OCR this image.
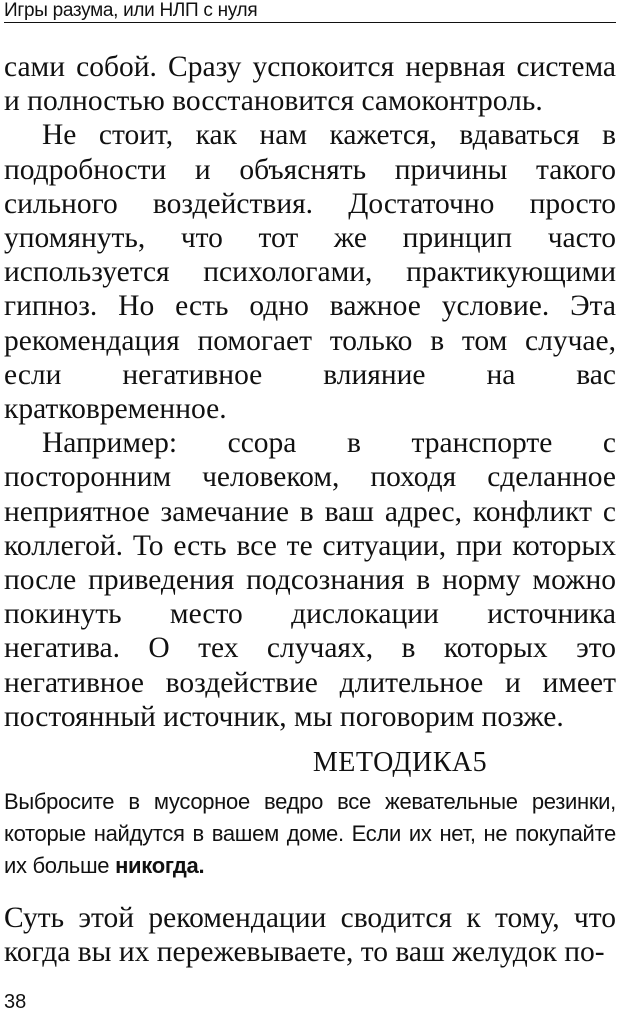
Игры разума, или НЛП с нуля

сами собой. Сразу успокоится нервная система и полностью восстановится самоконтроль.

Не стоит, как нам кажется, вдаваться в подробности и объяснять причины такого сильного воздействия. Достаточно просто упомянуть, что тот же принцип часто используется психологами, практикующими гипноз. Но есть одно важное условие. Эта рекомендация помогает только в том случае, если негативное влияние на вас кратковременное.

Например: ссора в транспорте с посторонним человеком, походя сделанное неприятное замечание в ваш адрес, конфликт с коллегой. То есть все те ситуации, при которых после приведения подсознания в норму можно покинуть место дислокации источника негатива. О тех случаях, в которых это негативное воздействие длительное и имеет постоянный источник, мы поговорим позже.

МЕТОДИКА5
Выбросите в мусорное ведро все жевательные резинки, которые найдутся в вашем доме. Если их нет, не покупайте их больше никогда.

Суть этой рекомендации сводится к тому, что когда вы их пережевываете, то ваш желудок по-

38
